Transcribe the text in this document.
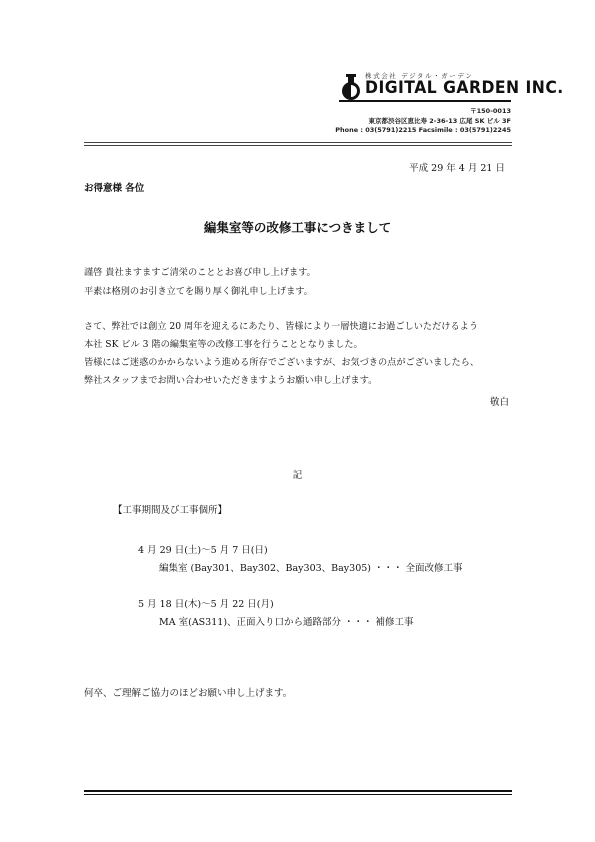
株式会社 デジタル・ガーデン
DIGITAL GARDEN INC.
〒150-0013
東京都渋谷区恵比寿 2-36-13 広尾 SK ビル 3F
Phone : 03(5791)2215 Facsimile : 03(5791)2245
平成 29 年 4 月 21 日
お得意様 各位
編集室等の改修工事につきまして
謹啓 貴社ますますご清栄のこととお喜び申し上げます。
平素は格別のお引き立てを賜り厚く御礼申し上げます。
さて、弊社では創立 20 周年を迎えるにあたり、皆様により一層快適にお過ごしいただけるよう
本社 SK ビル 3 階の編集室等の改修工事を行うこととなりました。
皆様にはご迷惑のかからないよう進める所存でございますが、お気づきの点がございましたら、
弊社スタッフまでお問い合わせいただきますようお願い申し上げます。
敬白
記
【工事期間及び工事個所】
4 月 29 日(土)～5 月 7 日(日)
編集室 (Bay301、Bay302、Bay303、Bay305) ・・・ 全面改修工事
5 月 18 日(木)～5 月 22 日(月)
MA 室(AS311)、正面入り口から通路部分 ・・・ 補修工事
何卒、ご理解ご協力のほどお願い申し上げます。
